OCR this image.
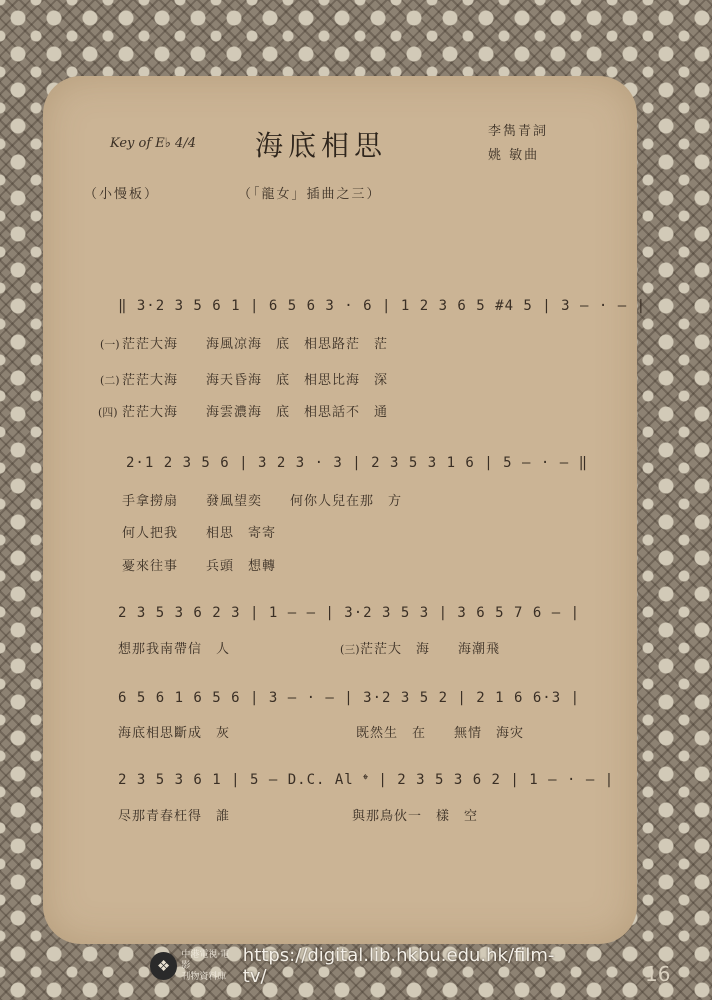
Key of E♭ 4/4 海底相思	李雋青詞
姚 敏曲
（小慢板）	（「龍女」插曲之三）
‖ 3·2 3 5 6 1 | 6 5 6 3 · 6 | 1 2 3 6 5 #4 5 | 3 — · — |
(一) 茫茫大海　　海風凉海　底　相思路茫　茫
(二) 茫茫大海　　海天昏海　底　相思比海　深
(四) 茫茫大海　　海雲濃海　底　相思話不　通
2·1 2 3 5 6 | 3 2 3 · 3 | 2 3 5 3 1 6 | 5 — · — ‖
手拿撈扇　　發風望奕　　何你人兒在那　方
何人把我　　相思　寄寄
憂來往事　　兵頭　想轉
2 3 5 3 6 2 3 | 1 — — | 3·2 3 5 3 | 3 6 5 7 6 — |
想那我南帶信　人	(三) 茫茫大　海　　海潮飛
6 5 6 1 6 5 6 | 3 — · — | 3·2 3 5 2 | 2 1 6 6·3 |
海底相思斷成　灰	既然生　在　　無情　海灾
2 3 5 3 6 1 | 5 — D.C. Al 𝄌 | 2 3 5 3 6 2 | 1 — · — |
尽那青春枉得　誰	與那鳥伙一　樣　空
❖
中港電視·電影
刊物資料庫
https://digital.lib.hkbu.edu.hk/film-tv/	16
